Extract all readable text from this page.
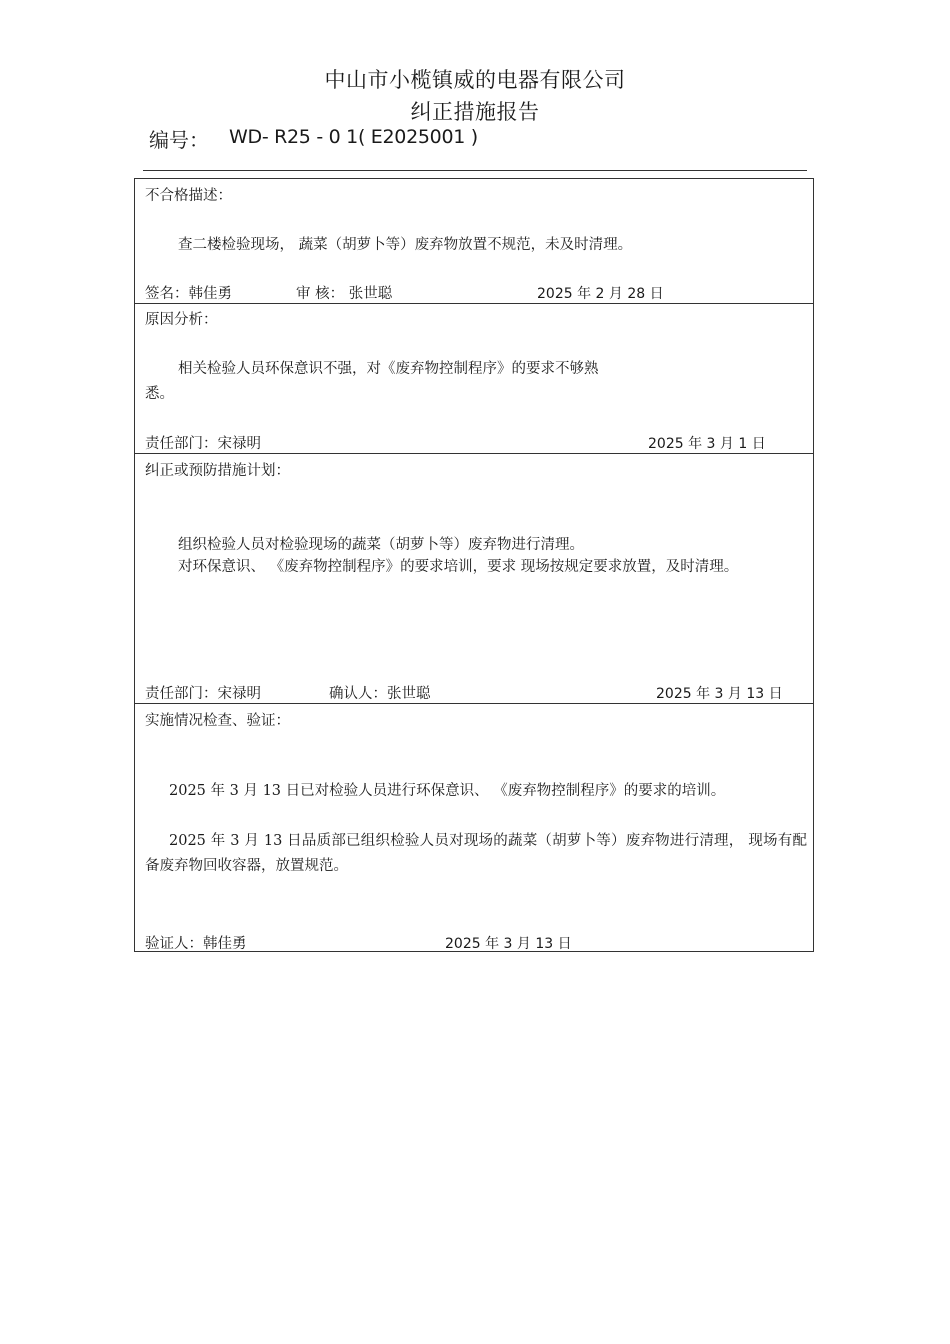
中山市小榄镇威的电器有限公司
纠正措施报告
编号： WD- R25 - 0 1( E2025001 )
不合格描述：
查二楼检验现场， 蔬菜（胡萝卜等）废弃物放置不规范，未及时清理。
签名：韩佳勇	审 核： 张世聪	2025 年 2 月 28 日
原因分析：
相关检验人员环保意识不强，对《废弃物控制程序》的要求不够熟
悉。
责任部门：宋禄明	2025 年 3 月 1 日
纠正或预防措施计划：
组织检验人员对检验现场的蔬菜（胡萝卜等）废弃物进行清理。
对环保意识、 《废弃物控制程序》的要求培训，要求 现场按规定要求放置，及时清理。
责任部门：宋禄明	确认人：张世聪	2025 年 3 月 13 日
实施情况检查、验证：
2025 年 3 月 13 日已对检验人员进行环保意识、 《废弃物控制程序》的要求的培训。
2025 年 3 月 13 日品质部已组织检验人员对现场的蔬菜（胡萝卜等）废弃物进行清理， 现场有配备废弃物回收容器，放置规范。
验证人：韩佳勇	2025 年 3 月 13 日
